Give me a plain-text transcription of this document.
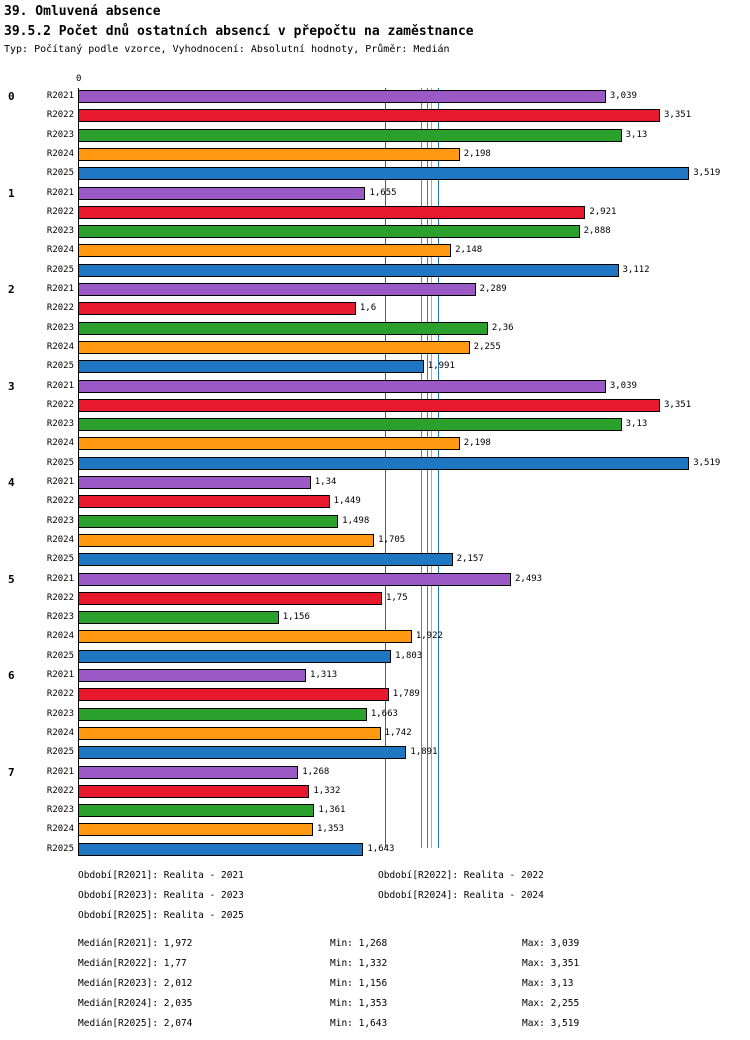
39. Omluvená absence
39.5.2 Počet dnů ostatních absencí v přepočtu na zaměstnance
Typ: Počítaný podle vzorce, Vyhodnocení: Absolutní hodnoty, Průměr: Medián
0
Období[R2021]: Realita - 2021	Období[R2022]: Realita - 2022
Období[R2023]: Realita - 2023	Období[R2024]: Realita - 2024
Období[R2025]: Realita - 2025
Medián[R2021]: 1,972	Min: 1,268	Max: 3,039
Medián[R2022]: 1,77	Min: 1,332	Max: 3,351
Medián[R2023]: 2,012	Min: 1,156	Max: 3,13
Medián[R2024]: 2,035	Min: 1,353	Max: 2,255
Medián[R2025]: 2,074	Min: 1,643	Max: 3,519
0	R2021	3,039
R2022	3,351
R2023	3,13
R2024	2,198
R2025	3,519
1	R2021	1,655
R2022	2,921
R2023	2,888
R2024	2,148
R2025	3,112
2	R2021	2,289
R2022	1,6
R2023	2,36
R2024	2,255
R2025	1,991
3	R2021	3,039
R2022	3,351
R2023	3,13
R2024	2,198
R2025	3,519
4	R2021	1,34
R2022	1,449
R2023	1,498
R2024	1,705
R2025	2,157
5	R2021	2,493
R2022	1,75
R2023	1,156
R2024	1,922
R2025	1,803
6	R2021	1,313
R2022	1,789
R2023	1,663
R2024	1,742
R2025	1,891
7	R2021	1,268
R2022	1,332
R2023	1,361
R2024	1,353
R2025	1,643
